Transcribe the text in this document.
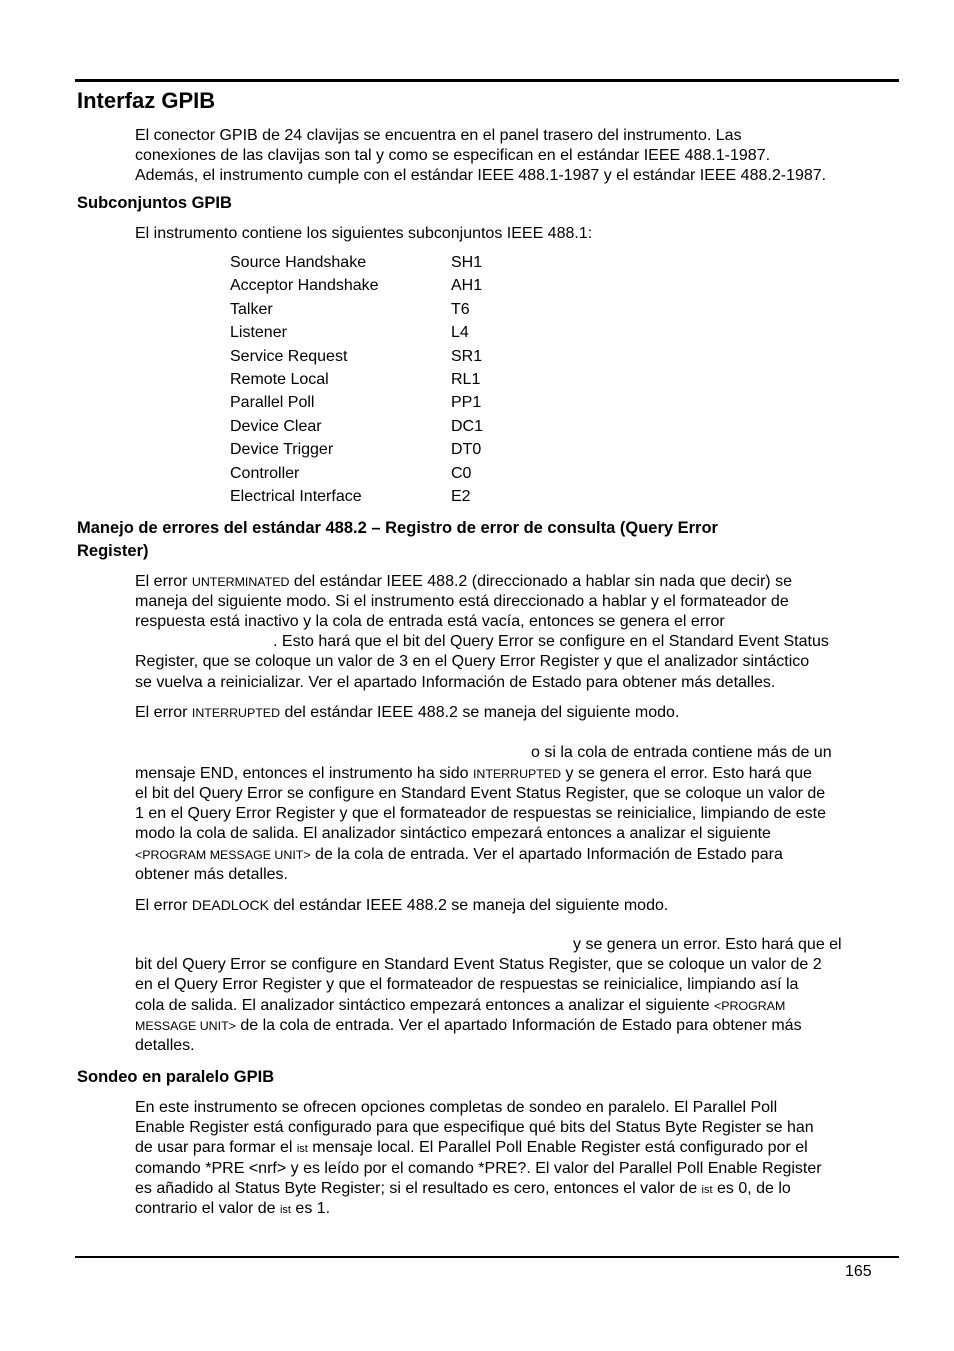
Interfaz GPIB
El conector GPIB de 24 clavijas se encuentra en el panel trasero del instrumento. Las
conexiones de las clavijas son tal y como se especifican en el estándar IEEE 488.1-1987.
Además, el instrumento cumple con el estándar IEEE 488.1-1987 y el estándar IEEE 488.2-1987.
Subconjuntos GPIB
El instrumento contiene los siguientes subconjuntos IEEE 488.1:
Source Handshake	SH1
Acceptor Handshake	AH1
Talker	T6
Listener	L4
Service Request	SR1
Remote Local	RL1
Parallel Poll	PP1
Device Clear	DC1
Device Trigger	DT0
Controller	C0
Electrical Interface	E2
Manejo de errores del estándar 488.2 – Registro de error de consulta (Query Error
Register)
El error UNTERMINATED del estándar IEEE 488.2 (direccionado a hablar sin nada que decir) se
maneja del siguiente modo. Si el instrumento está direccionado a hablar y el formateador de
respuesta está inactivo y la cola de entrada está vacía, entonces se genera el error
. Esto hará que el bit del Query Error se configure en el Standard Event Status
Register, que se coloque un valor de 3 en el Query Error Register y que el analizador sintáctico
se vuelva a reinicializar. Ver el apartado Información de Estado para obtener más detalles.
El error INTERRUPTED del estándar IEEE 488.2 se maneja del siguiente modo.
o si la cola de entrada contiene más de un
mensaje END, entonces el instrumento ha sido INTERRUPTED y se genera el error. Esto hará que
el bit del Query Error se configure en Standard Event Status Register, que se coloque un valor de
1 en el Query Error Register y que el formateador de respuestas se reinicialice, limpiando de este
modo la cola de salida. El analizador sintáctico empezará entonces a analizar el siguiente
<PROGRAM MESSAGE UNIT> de la cola de entrada. Ver el apartado Información de Estado para
obtener más detalles.
El error DEADLOCK del estándar IEEE 488.2 se maneja del siguiente modo.
y se genera un error. Esto hará que el
bit del Query Error se configure en Standard Event Status Register, que se coloque un valor de 2
en el Query Error Register y que el formateador de respuestas se reinicialice, limpiando así la
cola de salida. El analizador sintáctico empezará entonces a analizar el siguiente <PROGRAM
MESSAGE UNIT> de la cola de entrada. Ver el apartado Información de Estado para obtener más
detalles.
Sondeo en paralelo GPIB
En este instrumento se ofrecen opciones completas de sondeo en paralelo. El Parallel Poll
Enable Register está configurado para que especifique qué bits del Status Byte Register se han
de usar para formar el ist mensaje local. El Parallel Poll Enable Register está configurado por el
comando *PRE <nrf> y es leído por el comando *PRE?. El valor del Parallel Poll Enable Register
es añadido al Status Byte Register; si el resultado es cero, entonces el valor de ist es 0, de lo
contrario el valor de ist es 1.
165
